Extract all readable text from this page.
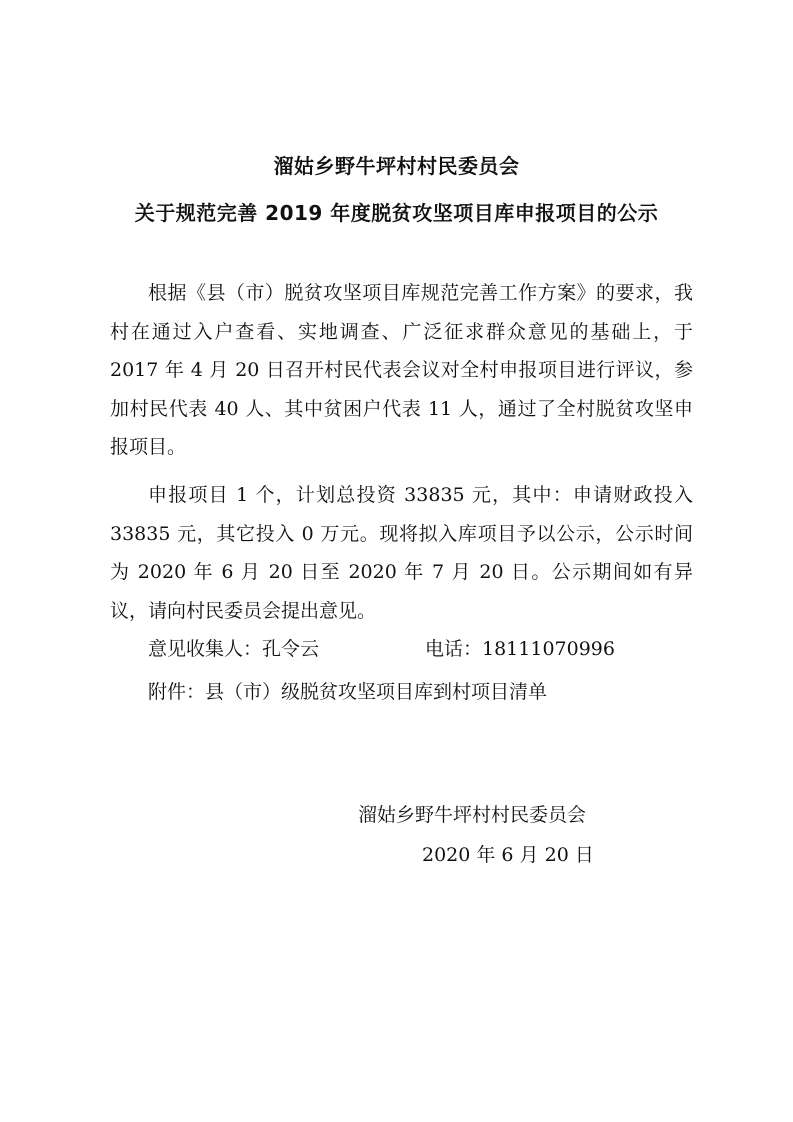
溜姑乡野牛坪村村民委员会
关于规范完善 2019 年度脱贫攻坚项目库申报项目的公示

根据《县（市）脱贫攻坚项目库规范完善工作方案》的要求，我村在通过入户查看、实地调查、广泛征求群众意见的基础上，于 2017 年 4 月 20 日召开村民代表会议对全村申报项目进行评议，参加村民代表 40 人、其中贫困户代表 11 人，通过了全村脱贫攻坚申报项目。

申报项目 1 个，计划总投资 33835 元，其中：申请财政投入 33835 元，其它投入 0 万元。现将拟入库项目予以公示，公示时间为 2020 年 6 月 20 日至 2020 年 7 月 20 日。公示期间如有异议，请向村民委员会提出意见。

意见收集人：孔令云	电话：18111070996
附件：县（市）级脱贫攻坚项目库到村项目清单
溜姑乡野牛坪村村民委员会
2020 年 6 月 20 日
